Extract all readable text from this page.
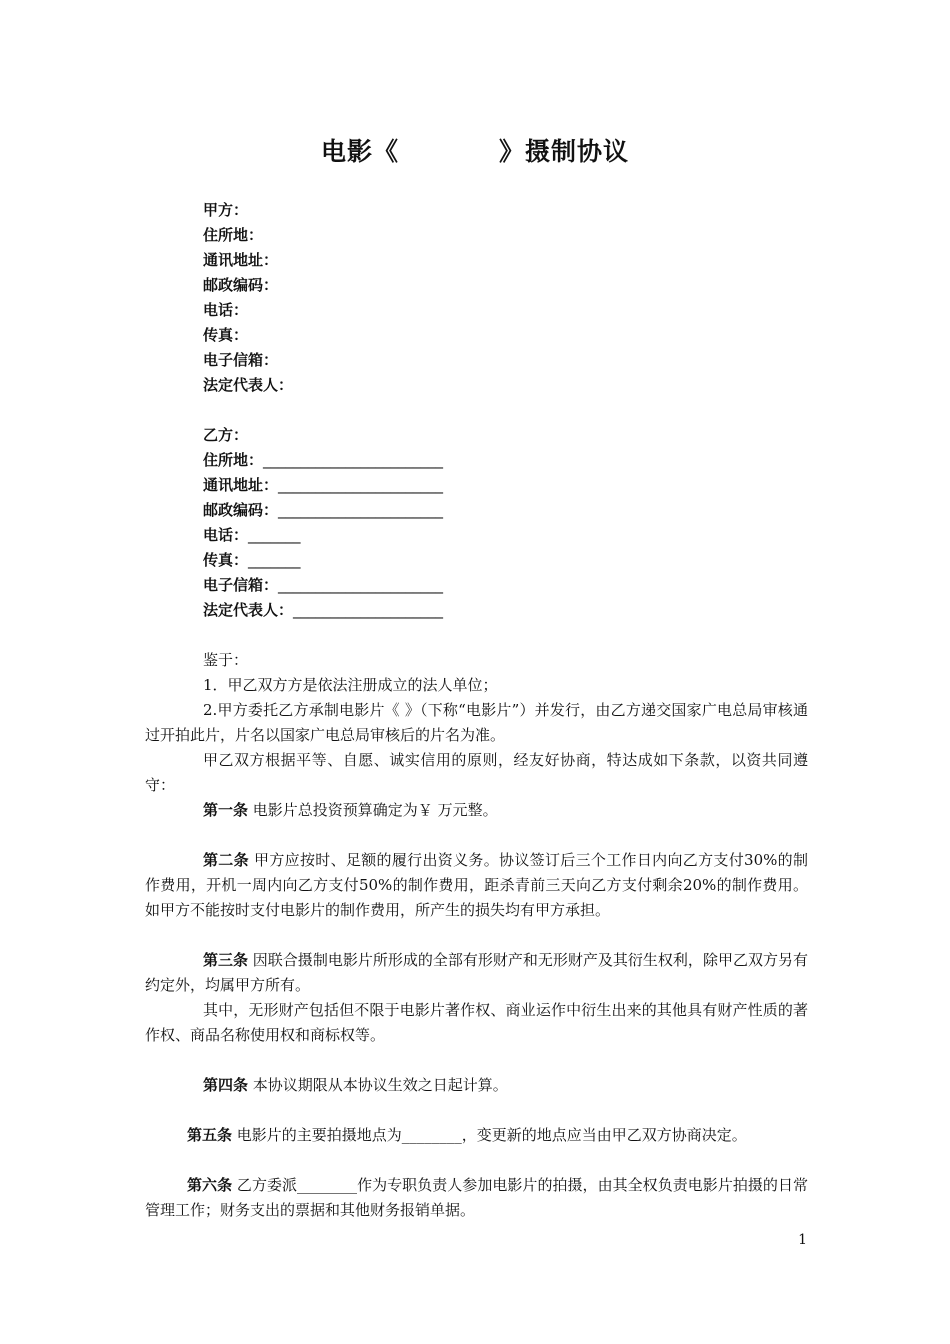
电影《	》摄制协议
甲方：
住所地：
通讯地址：
邮政编码：
电话：
传真：
电子信箱：
法定代表人：
乙方：
住所地：________________________
通讯地址：______________________
邮政编码：______________________
电话：_______
传真：_______
电子信箱：______________________
法定代表人：____________________
鉴于：
1．甲乙双方方是依法注册成立的法人单位；
2.甲方委托乙方承制电影片《 》（下称“电影片”）并发行，由乙方递交国家广电总局审核通过开拍此片，片名以国家广电总局审核后的片名为准。
甲乙双方根据平等、自愿、诚实信用的原则，经友好协商，特达成如下条款，以资共同遵守：
第一条 电影片总投资预算确定为￥ 万元整。
第二条 甲方应按时、足额的履行出资义务。协议签订后三个工作日内向乙方支付30%的制作费用，开机一周内向乙方支付50%的制作费用，距杀青前三天向乙方支付剩余20%的制作费用。如甲方不能按时支付电影片的制作费用，所产生的损失均有甲方承担。
第三条 因联合摄制电影片所形成的全部有形财产和无形财产及其衍生权利，除甲乙双方另有约定外，均属甲方所有。
其中，无形财产包括但不限于电影片著作权、商业运作中衍生出来的其他具有财产性质的著作权、商品名称使用权和商标权等。
第四条 本协议期限从本协议生效之日起计算。
第五条 电影片的主要拍摄地点为________，变更新的地点应当由甲乙双方协商决定。
第六条 乙方委派________作为专职负责人参加电影片的拍摄，由其全权负责电影片拍摄的日常管理工作；财务支出的票据和其他财务报销单据。
1
